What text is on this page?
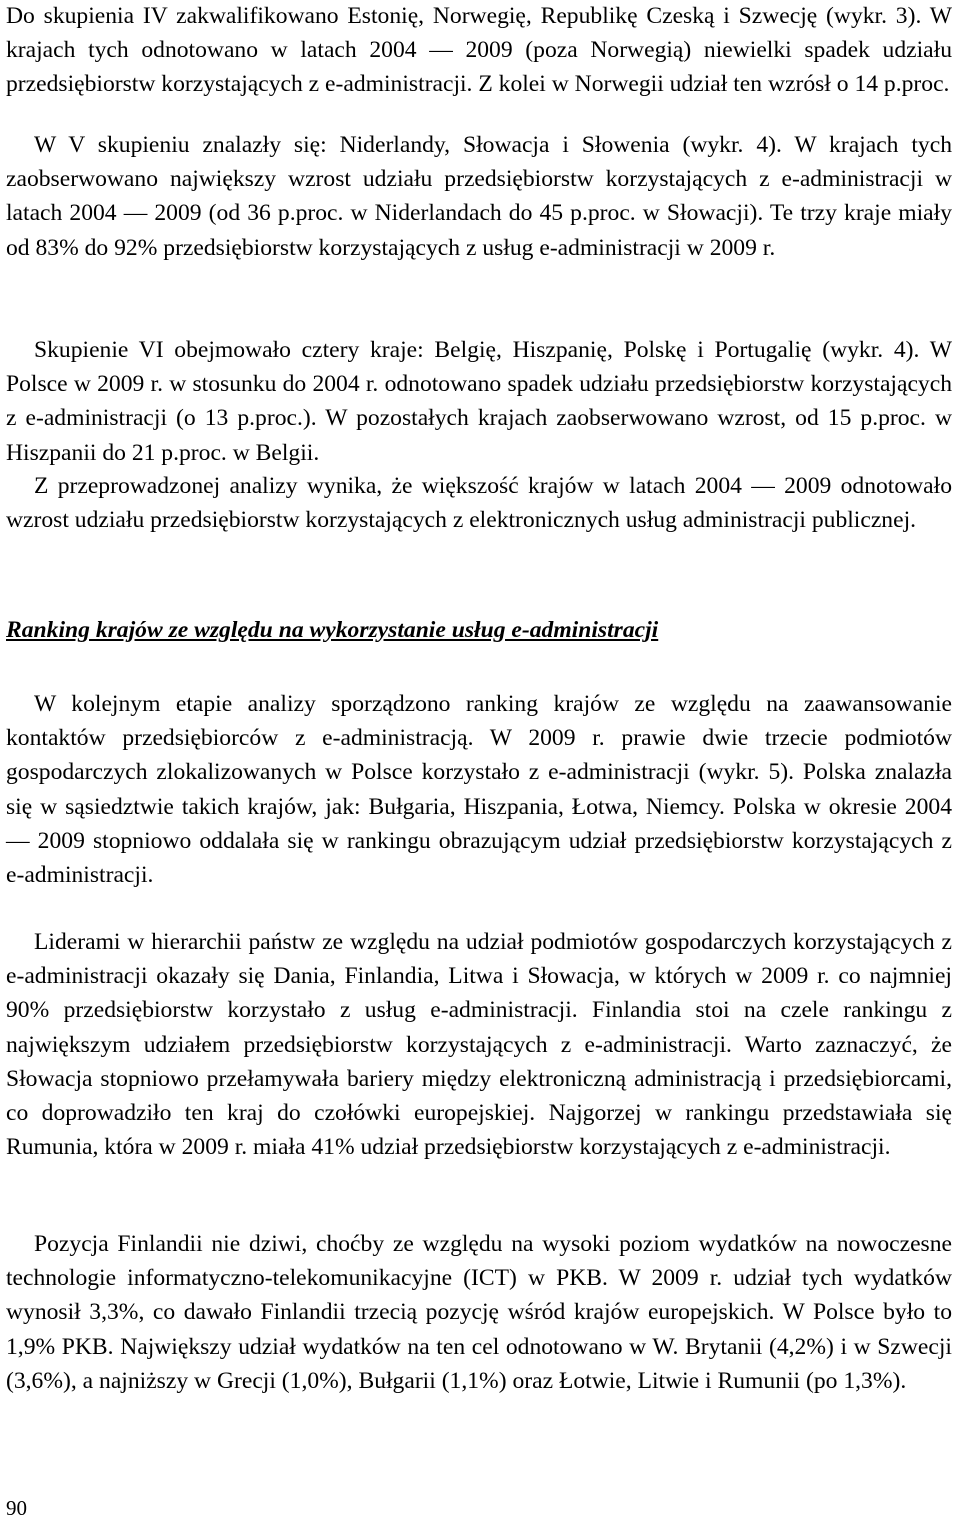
Do skupienia IV zakwalifikowano Estonię, Norwegię, Republikę Czeską i Szwecję (wykr. 3). W krajach tych odnotowano w latach 2004 — 2009 (poza Norwegią) niewielki spadek udziału przedsiębiorstw korzystających z e-administracji. Z kolei w Norwegii udział ten wzrósł o 14 p.proc.

W V skupieniu znalazły się: Niderlandy, Słowacja i Słowenia (wykr. 4). W krajach tych zaobserwowano największy wzrost udziału przedsiębiorstw korzystających z e-administracji w latach 2004 — 2009 (od 36 p.proc. w Niderlandach do 45 p.proc. w Słowacji). Te trzy kraje miały od 83% do 92% przedsiębiorstw korzystających z usług e-administracji w 2009 r.

Skupienie VI obejmowało cztery kraje: Belgię, Hiszpanię, Polskę i Portugalię (wykr. 4). W Polsce w 2009 r. w stosunku do 2004 r. odnotowano spadek udziału przedsiębiorstw korzystających z e-administracji (o 13 p.proc.). W pozostałych krajach zaobserwowano wzrost, od 15 p.proc. w Hiszpanii do 21 p.proc. w Belgii.

Z przeprowadzonej analizy wynika, że większość krajów w latach 2004 — 2009 odnotowało wzrost udziału przedsiębiorstw korzystających z elektronicznych usług administracji publicznej.

Ranking krajów ze względu na wykorzystanie usług e-administracji

W kolejnym etapie analizy sporządzono ranking krajów ze względu na zaawansowanie kontaktów przedsiębiorców z e-administracją. W 2009 r. prawie dwie trzecie podmiotów gospodarczych zlokalizowanych w Polsce korzystało z e-administracji (wykr. 5). Polska znalazła się w sąsiedztwie takich krajów, jak: Bułgaria, Hiszpania, Łotwa, Niemcy. Polska w okresie 2004 — 2009 stopniowo oddalała się w rankingu obrazującym udział przedsiębiorstw korzystających z e-administracji.

Liderami w hierarchii państw ze względu na udział podmiotów gospodarczych korzystających z e-administracji okazały się Dania, Finlandia, Litwa i Słowacja, w których w 2009 r. co najmniej 90% przedsiębiorstw korzystało z usług e-administracji. Finlandia stoi na czele rankingu z największym udziałem przedsiębiorstw korzystających z e-administracji. Warto zaznaczyć, że Słowacja stopniowo przełamywała bariery między elektroniczną administracją i przedsiębiorcami, co doprowadziło ten kraj do czołówki europejskiej. Najgorzej w rankingu przedstawiała się Rumunia, która w 2009 r. miała 41% udział przedsiębiorstw korzystających z e-administracji.

Pozycja Finlandii nie dziwi, choćby ze względu na wysoki poziom wydatków na nowoczesne technologie informatyczno-telekomunikacyjne (ICT) w PKB. W 2009 r. udział tych wydatków wynosił 3,3%, co dawało Finlandii trzecią pozycję wśród krajów europejskich. W Polsce było to 1,9% PKB. Największy udział wydatków na ten cel odnotowano w W. Brytanii (4,2%) i w Szwecji (3,6%), a najniższy w Grecji (1,0%), Bułgarii (1,1%) oraz Łotwie, Litwie i Rumunii (po 1,3%).

90
